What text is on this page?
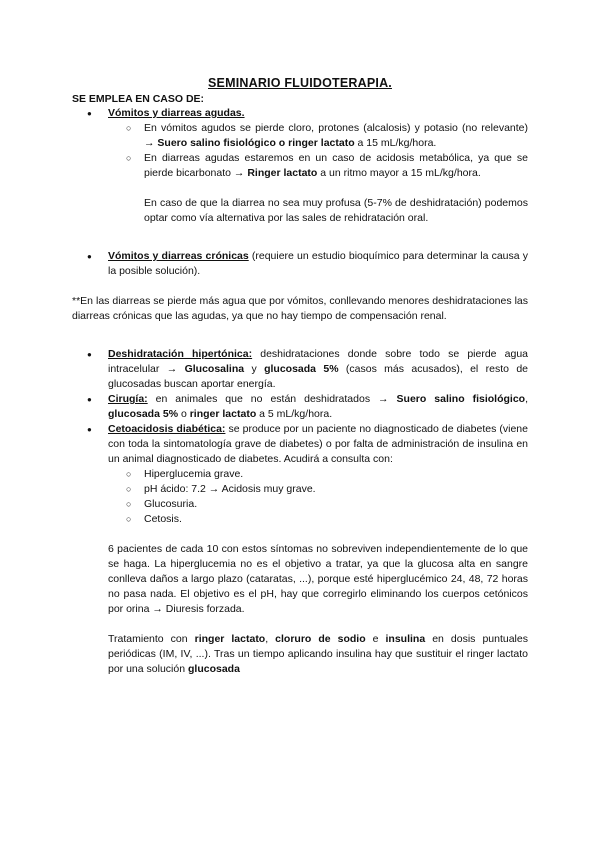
SEMINARIO FLUIDOTERAPIA.
SE EMPLEA EN CASO DE:
● Vómitos y diarreas agudas.
○ En vómitos agudos se pierde cloro, protones (alcalosis) y potasio (no relevante) → Suero salino fisiológico o ringer lactato a 15 mL/kg/hora.
○ En diarreas agudas estaremos en un caso de acidosis metabólica, ya que se pierde bicarbonato → Ringer lactato a un ritmo mayor a 15 mL/kg/hora.
En caso de que la diarrea no sea muy profusa (5-7% de deshidratación) podemos optar como vía alternativa por las sales de rehidratación oral.
● Vómitos y diarreas crónicas (requiere un estudio bioquímico para determinar la causa y la posible solución).
**En las diarreas se pierde más agua que por vómitos, conllevando menores deshidrataciones las diarreas crónicas que las agudas, ya que no hay tiempo de compensación renal.
● Deshidratación hipertónica: deshidrataciones donde sobre todo se pierde agua intracelular → Glucosalina y glucosada 5% (casos más acusados), el resto de glucosadas buscan aportar energía.
● Cirugía: en animales que no están deshidratados → Suero salino fisiológico, glucosada 5% o ringer lactato a 5 mL/kg/hora.
● Cetoacidosis diabética: se produce por un paciente no diagnosticado de diabetes (viene con toda la sintomatología grave de diabetes) o por falta de administración de insulina en un animal diagnosticado de diabetes. Acudirá a consulta con:
○ Hiperglucemia grave.
○ pH ácido: 7.2 → Acidosis muy grave.
○ Glucosuria.
○ Cetosis.
6 pacientes de cada 10 con estos síntomas no sobreviven independientemente de lo que se haga. La hiperglucemia no es el objetivo a tratar, ya que la glucosa alta en sangre conlleva daños a largo plazo (cataratas, ...), porque esté hiperglucémico 24, 48, 72 horas no pasa nada. El objetivo es el pH, hay que corregirlo eliminando los cuerpos cetónicos por orina → Diuresis forzada.
Tratamiento con ringer lactato, cloruro de sodio e insulina en dosis puntuales periódicas (IM, IV, ...). Tras un tiempo aplicando insulina hay que sustituir el ringer lactato por una solución glucosada
